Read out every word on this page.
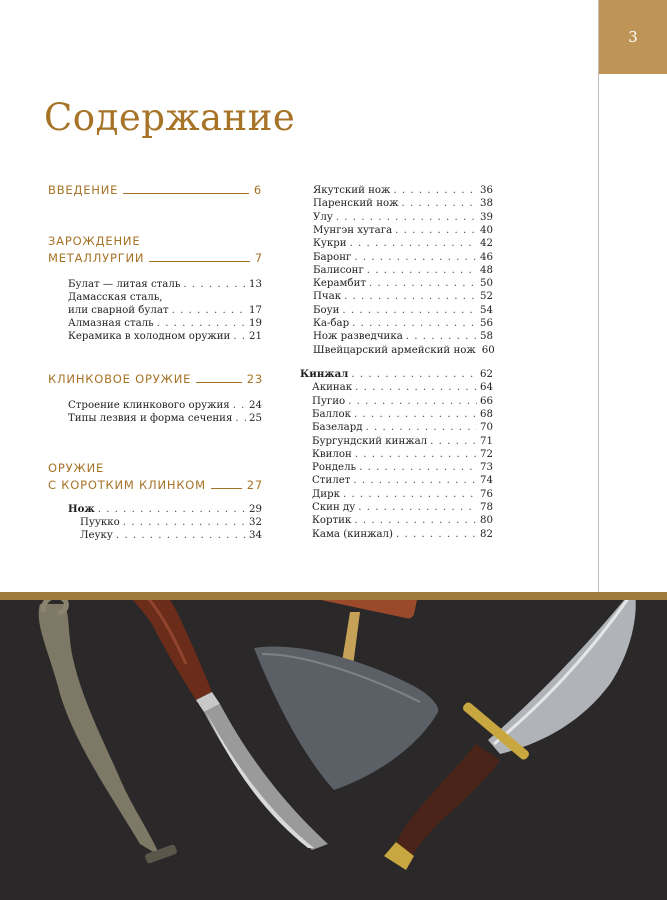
3
Содержание
ВВЕДЕНИЕ	6
ЗАРОЖДЕНИЕ
МЕТАЛЛУРГИИ	7
Булат — литая сталь . . .	13
Дамасская сталь,
или сварной булат . . .	17
Алмазная сталь . . .	19
Керамика в холодном оружии . . . 21
КЛИНКОВОЕ ОРУЖИЕ	23
Строение клинкового оружия . . . 24
Типы лезвия и форма сечения . . . 25
ОРУЖИЕ
С КОРОТКИМ КЛИНКОМ	27
Нож . . .	29
Пуукко . . .	32
Леуку . . .	34
Якутский нож . . .	36
Паренский нож . . .	38
Улу . . .	39
Мунгэн хутага . . .	40
Кукри . . .	42
Баронг . . .	46
Балисонг . . .	48
Керамбит . . .	50
Пчак . . .	52
Боуи . . .	54
Ка-бар . . .	56
Нож разведчика . . .	58
Швейцарский армейский нож 60
Кинжал . . .	62
Акинак . . .	64
Пугио . . .	66
Баллок . . .	68
Базелард . . .	70
Бургундский кинжал . . .	71
Квилон . . .	72
Рондель . . .	73
Стилет . . .	74
Дирк . . .	76
Скин ду . . .	78
Кортик . . .	80
Кама (кинжал) . . .	82
